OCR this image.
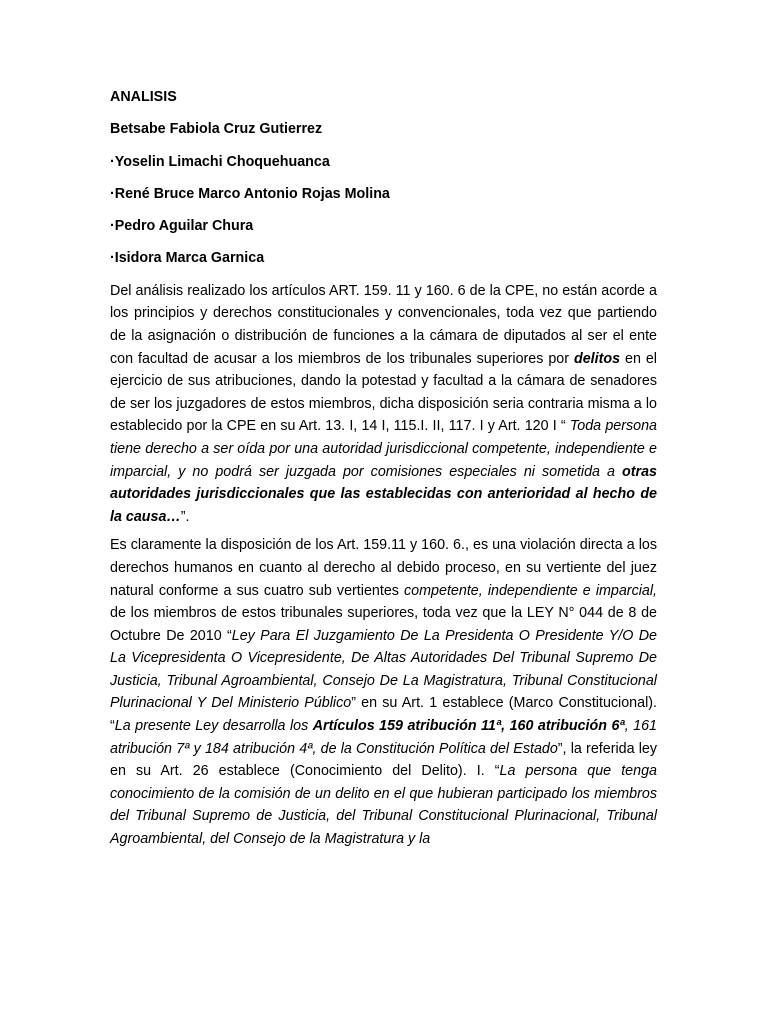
ANALISIS
Betsabe Fabiola Cruz Gutierrez
·Yoselin Limachi Choquehuanca
·René Bruce Marco Antonio Rojas Molina
·Pedro Aguilar Chura
·Isidora Marca Garnica

Del análisis realizado los artículos ART. 159. 11 y 160. 6 de la CPE, no están acorde a los principios y derechos constitucionales y convencionales, toda vez que partiendo de la asignación o distribución de funciones a la cámara de diputados al ser el ente con facultad de acusar a los miembros de los tribunales superiores por delitos en el ejercicio de sus atribuciones, dando la potestad y facultad a la cámara de senadores de ser los juzgadores de estos miembros, dicha disposición seria contraria misma a lo establecido por la CPE en su Art. 13. I, 14 I, 115.I. II, 117. I y Art. 120 I “ Toda persona tiene derecho a ser oída por una autoridad jurisdiccional competente, independiente e imparcial, y no podrá ser juzgada por comisiones especiales ni sometida a otras autoridades jurisdiccionales que las establecidas con anterioridad al hecho de la causa…”.

Es claramente la disposición de los Art. 159.11 y 160. 6., es una violación directa a los derechos humanos en cuanto al derecho al debido proceso, en su vertiente del juez natural conforme a sus cuatro sub vertientes competente, independiente e imparcial, de los miembros de estos tribunales superiores, toda vez que la LEY N° 044 de 8 de Octubre De 2010 “Ley Para El Juzgamiento De La Presidenta O Presidente Y/O De La Vicepresidenta O Vicepresidente, De Altas Autoridades Del Tribunal Supremo De Justicia, Tribunal Agroambiental, Consejo De La Magistratura, Tribunal Constitucional Plurinacional Y Del Ministerio Público” en su Art. 1 establece (Marco Constitucional). “La presente Ley desarrolla los Artículos 159 atribución 11ª, 160 atribución 6ª, 161 atribución 7ª y 184 atribución 4ª, de la Constitución Política del Estado”, la referida ley en su Art. 26 establece (Conocimiento del Delito). I. “La persona que tenga conocimiento de la comisión de un delito en el que hubieran participado los miembros del Tribunal Supremo de Justicia, del Tribunal Constitucional Plurinacional, Tribunal Agroambiental, del Consejo de la Magistratura y la
